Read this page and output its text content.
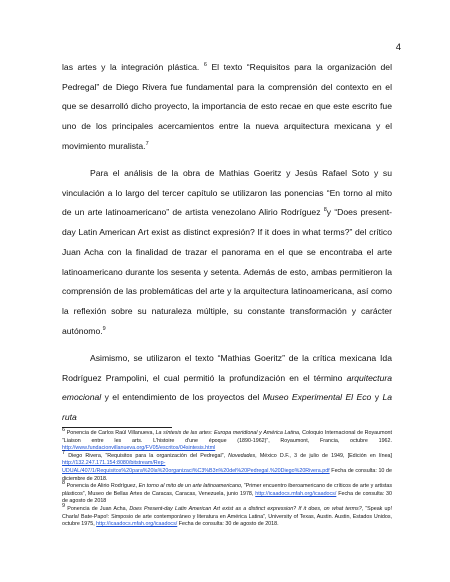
4

las artes y la integración plástica. $^6$ El texto “Requisitos para la organización del Pedregal” de Diego Rivera fue fundamental para la comprensión del contexto en el que se desarrolló dicho proyecto, la importancia de esto recae en que este escrito fue uno de los principales acercamientos entre la nueva arquitectura mexicana y el movimiento muralista.$^7$

Para el análisis de la obra de Mathias Goeritz y Jesús Rafael Soto y su vinculación a lo largo del tercer capítulo se utilizaron las ponencias “En torno al mito de un arte latinoamericano” de artista venezolano Alirio Rodríguez $^8$y “Does present-day Latin American Art exist as distinct expresión? If it does in what terms?” del crítico Juan Acha con la finalidad de trazar el panorama en el que se encontraba el arte latinoamericano durante los sesenta y setenta. Además de esto, ambas permitieron la comprensión de las problemáticas del arte y la arquitectura latinoamericana, así como la reflexión sobre su naturaleza múltiple, su constante transformación y carácter autónomo.$^9$

Asimismo, se utilizaron el texto “Mathias Goeritz” de la crítica mexicana Ida Rodríguez Prampolini, el cual permitió la profundización en el término arquitectura emocional y el entendimiento de los proyectos del Museo Experimental El Eco y La ruta

$^6$ Ponencia de Carlos Raúl Villanueva, La síntesis de las artes: Europa meridional y América Latina, Coloquio Internacional de Royaumont “Liaison entre les arts. L'histoire d'une époque (1890-1962)”, Royaumont, Francia, octubre 1962. http://www.fundacionvillanueva.org/FV05/escritos/04sintesis.html

$^7$ Diego Rivera, “Requisitos para la organización del Pedregal”, Novedades, México D.F., 3 de julio de 1949, [Edición en línea] http://132.247.171.154:8080/bitstream/Rep-UDUAL/407/1/Requisitos%20para%20la%20organizaci%C3%B3n%20del%20Pedregal.%20Diego%20Rivera.pdf Fecha de consulta: 10 de diciembre de 2018.

$^8$ Ponencia de Alirio Rodríguez, En torno al mito de un arte latinoamericano, “Primer encuentro iberoamericano de críticos de arte y artistas plásticos”, Museo de Bellas Artes de Caracas, Caracas, Venezuela, junio 1978, http://icaadocs.mfah.org/icaadocs/ Fecha de consulta: 30 de agosto de 2018

$^9$ Ponencia de Juan Acha, Does Present-day Latin American Art exist as a distinct expression? If it does, on what terms?, “Speak up! Charla! Bate-Papo!: Simposio de arte contemporáneo y literatura en América Latina”, University of Texas, Austin. Austin, Estados Unidos, octubre 1975, http://icaadocs.mfah.org/icaadocs/ Fecha de consulta: 30 de agosto de 2018.
